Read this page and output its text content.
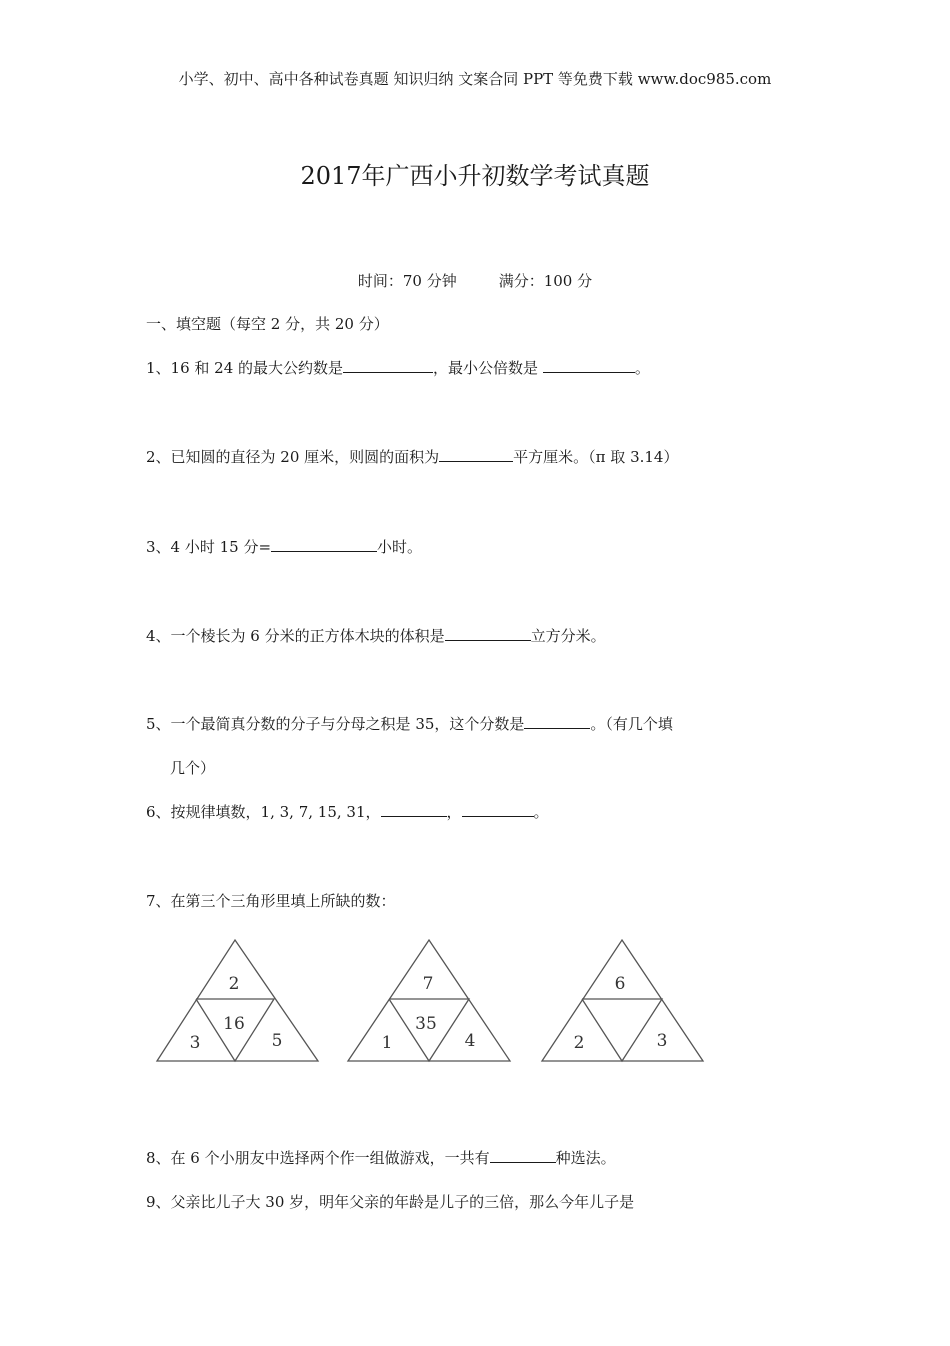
小学、初中、高中各种试卷真题 知识归纳 文案合同 PPT 等免费下载 www.doc985.com
2017年广西小升初数学考试真题
时间：70 分钟	满分：100 分
一、填空题（每空 2 分，共 20 分）
1、16 和 24 的最大公约数是	，最小公倍数是	。
2、已知圆的直径为 20 厘米，则圆的面积为	平方厘米。（π 取 3.14）
3、4 小时 15 分=	小时。
4、一个棱长为 6 分米的正方体木块的体积是	立方分米。
5、一个最简真分数的分子与分母之积是 35，这个分数是	。（有几个填
几个）
6、按规律填数，1, 3, 7, 15, 31，	，	。
7、在第三个三角形里填上所缺的数：
2
16
3	5
7
35
1	4
6
2	3
8、在 6 个小朋友中选择两个作一组做游戏，一共有	种选法。
9、父亲比儿子大 30 岁，明年父亲的年龄是儿子的三倍，那么今年儿子是
